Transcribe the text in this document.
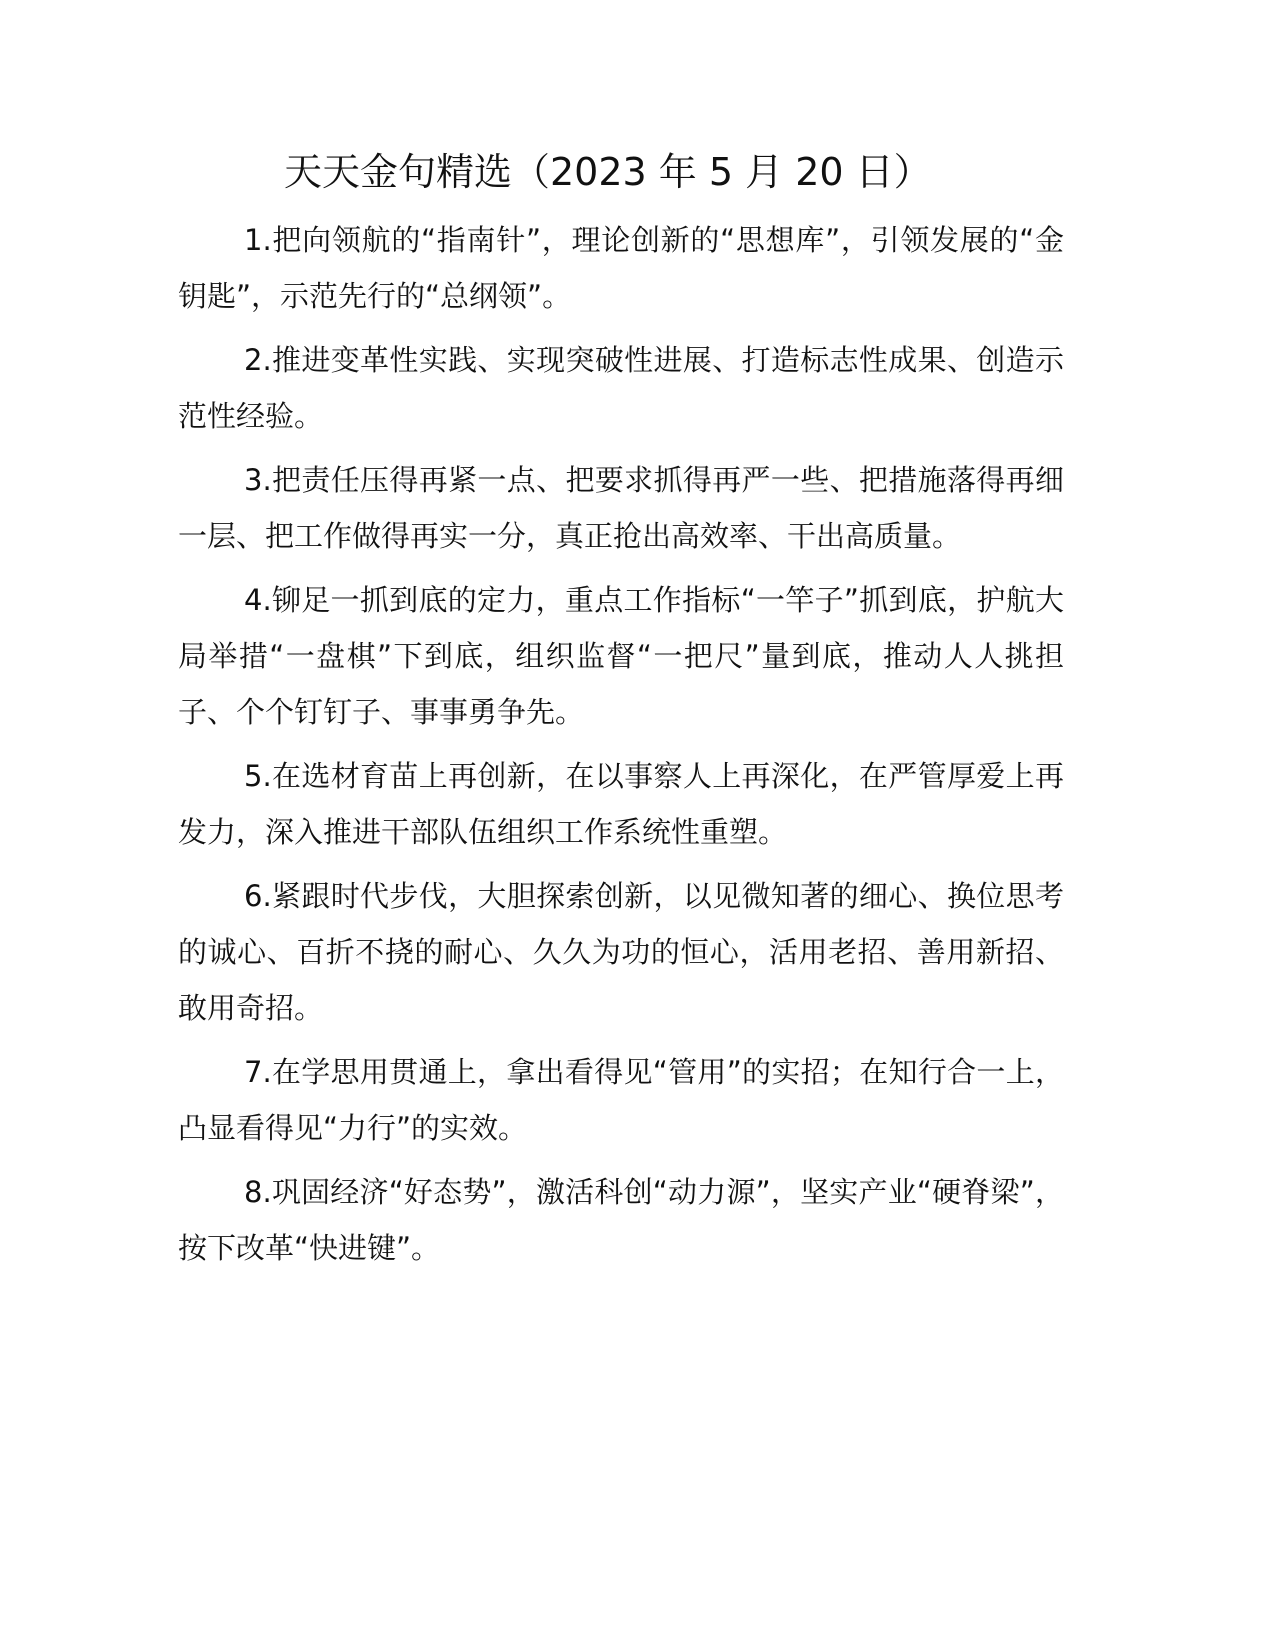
天天金句精选（2023 年 5 月 20 日）
1.把向领航的“指南针”，理论创新的“思想库”，引领发展的“金钥匙”，示范先行的“总纲领”。
2.推进变革性实践、实现突破性进展、打造标志性成果、创造示范性经验。
3.把责任压得再紧一点、把要求抓得再严一些、把措施落得再细一层、把工作做得再实一分，真正抢出高效率、干出高质量。
4.铆足一抓到底的定力，重点工作指标“一竿子”抓到底，护航大局举措“一盘棋”下到底，组织监督“一把尺”量到底，推动人人挑担子、个个钉钉子、事事勇争先。
5.在选材育苗上再创新，在以事察人上再深化，在严管厚爱上再发力，深入推进干部队伍组织工作系统性重塑。
6.紧跟时代步伐，大胆探索创新，以见微知著的细心、换位思考的诚心、百折不挠的耐心、久久为功的恒心，活用老招、善用新招、敢用奇招。
7.在学思用贯通上，拿出看得见“管用”的实招；在知行合一上，凸显看得见“力行”的实效。
8.巩固经济“好态势”，激活科创“动力源”，坚实产业“硬脊梁”，按下改革“快进键”。
